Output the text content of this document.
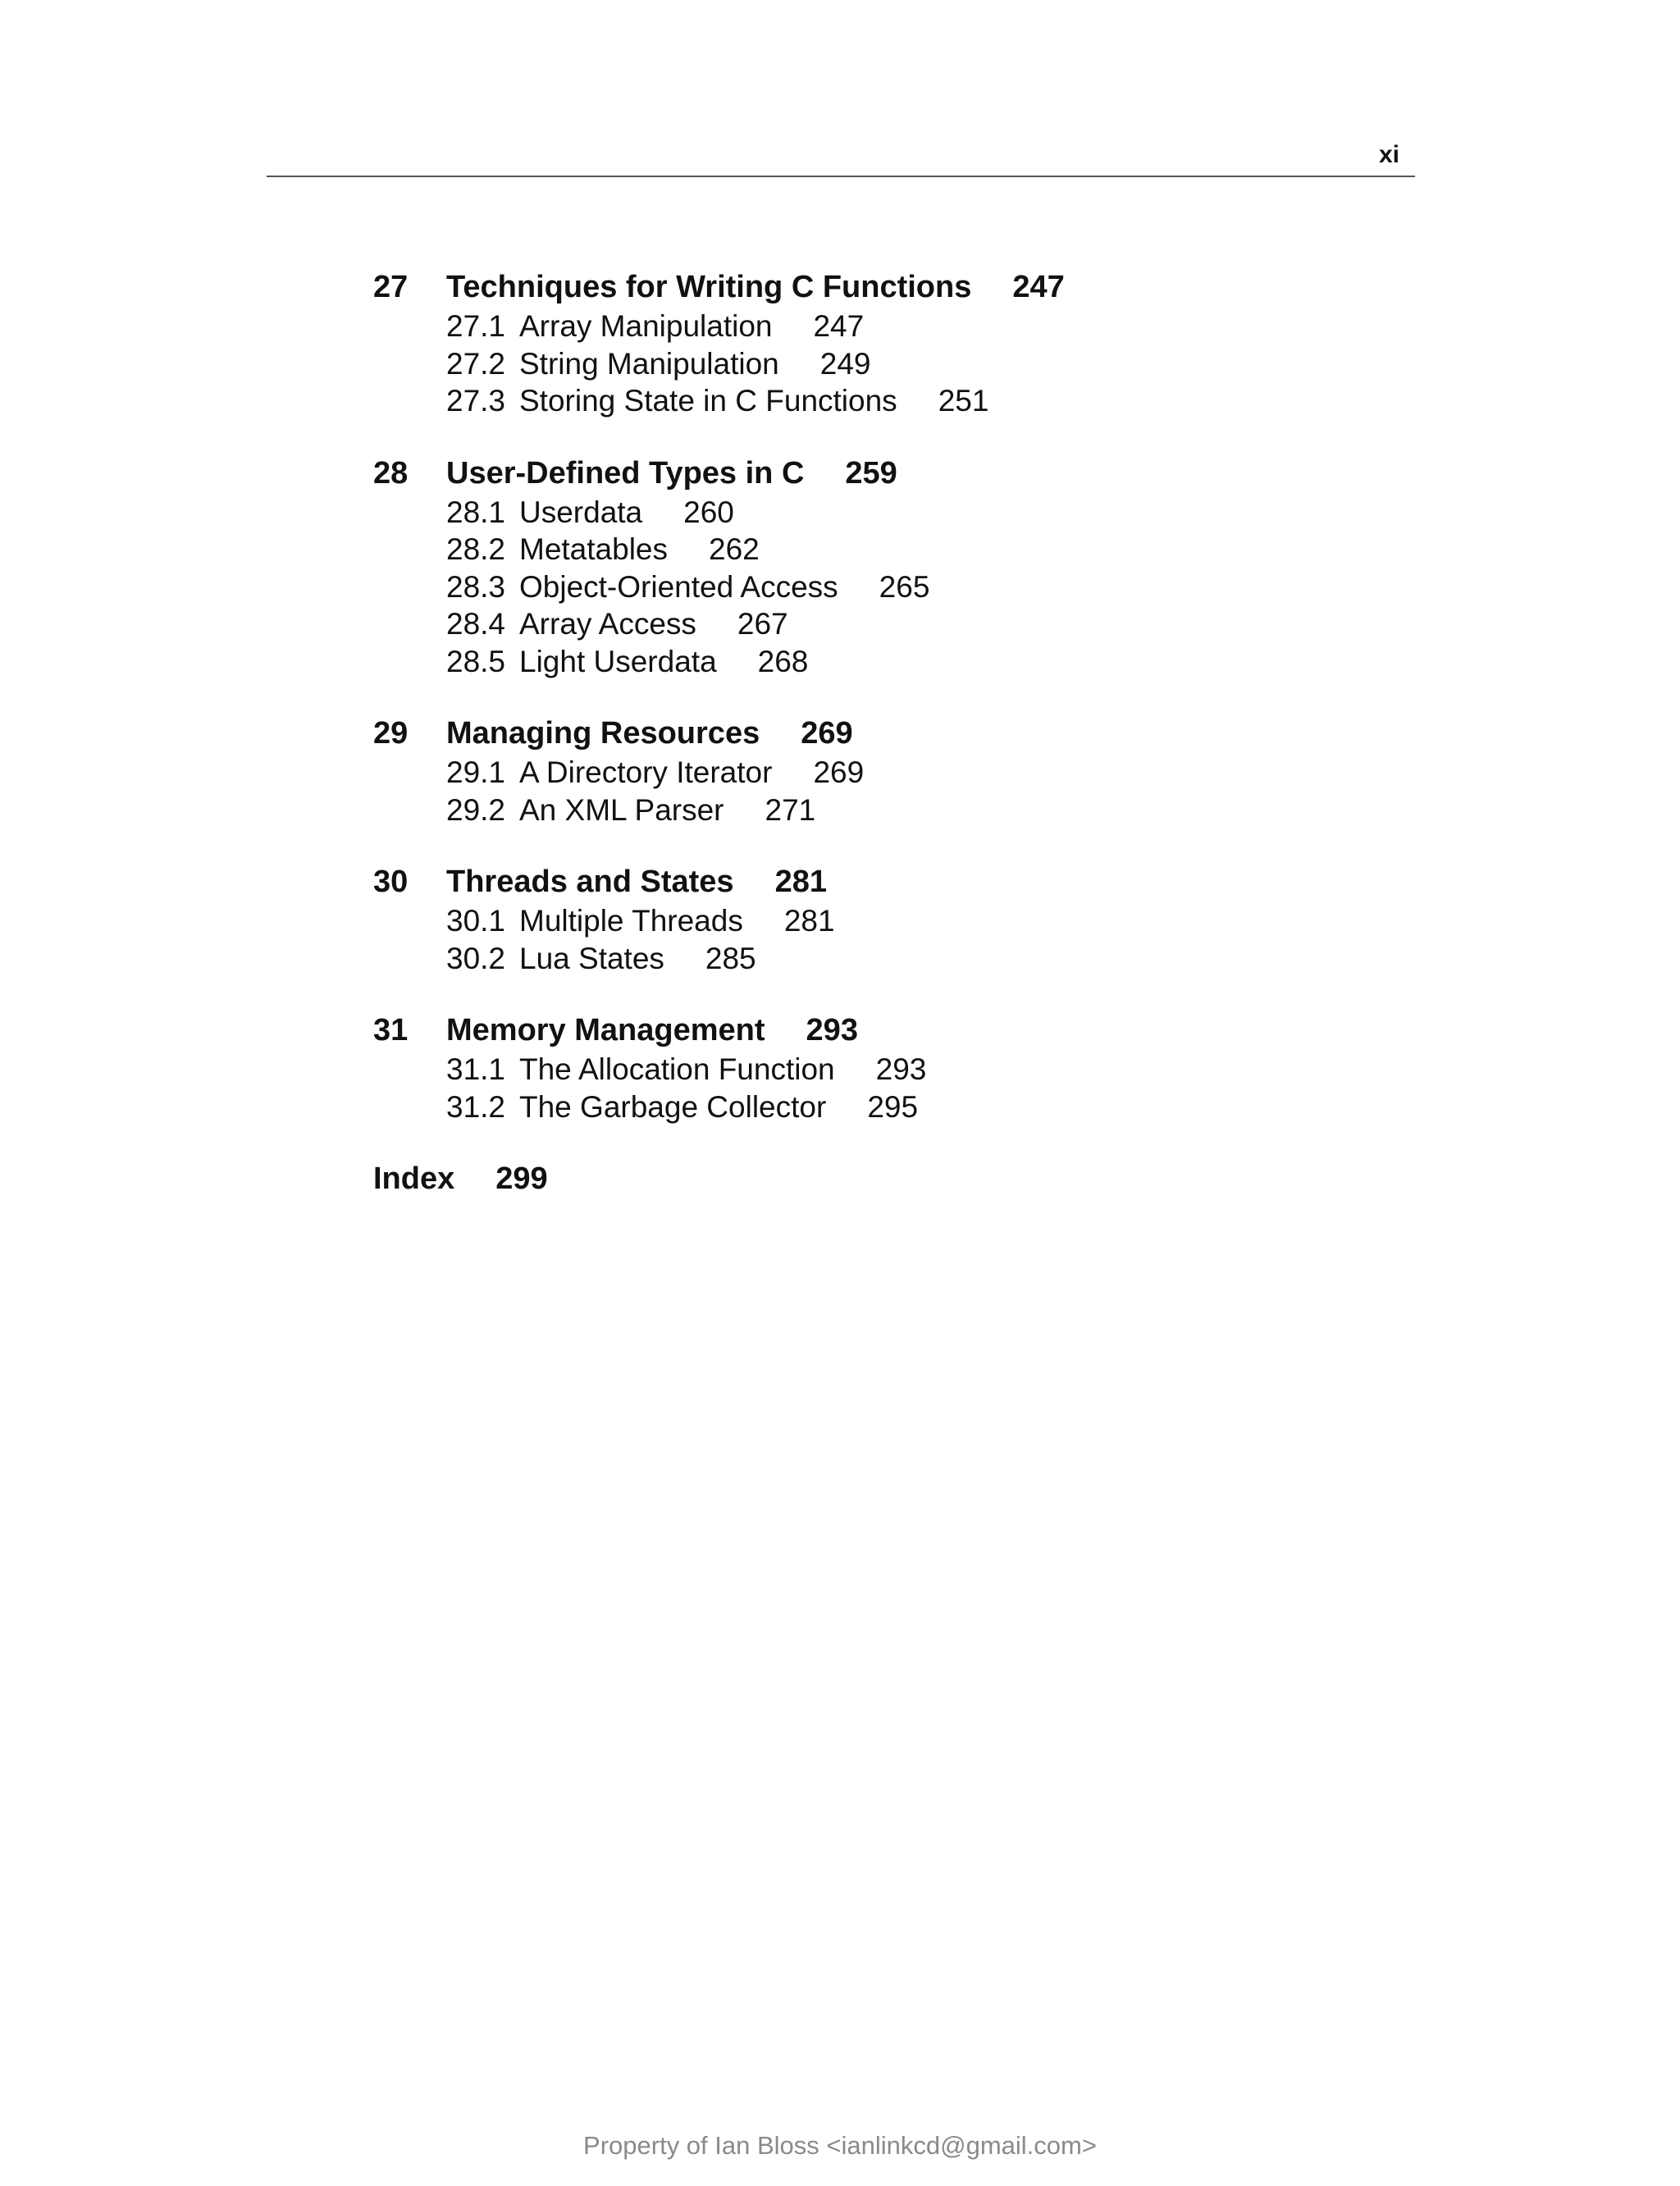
xi
27 Techniques for Writing C Functions 247
27.1 Array Manipulation 247
27.2 String Manipulation 249
27.3 Storing State in C Functions 251
28 User-Defined Types in C 259
28.1 Userdata 260
28.2 Metatables 262
28.3 Object-Oriented Access 265
28.4 Array Access 267
28.5 Light Userdata 268
29 Managing Resources 269
29.1 A Directory Iterator 269
29.2 An XML Parser 271
30 Threads and States 281
30.1 Multiple Threads 281
30.2 Lua States 285
31 Memory Management 293
31.1 The Allocation Function 293
31.2 The Garbage Collector 295
Index 299
Property of Ian Bloss <ianlinkcd@gmail.com>
